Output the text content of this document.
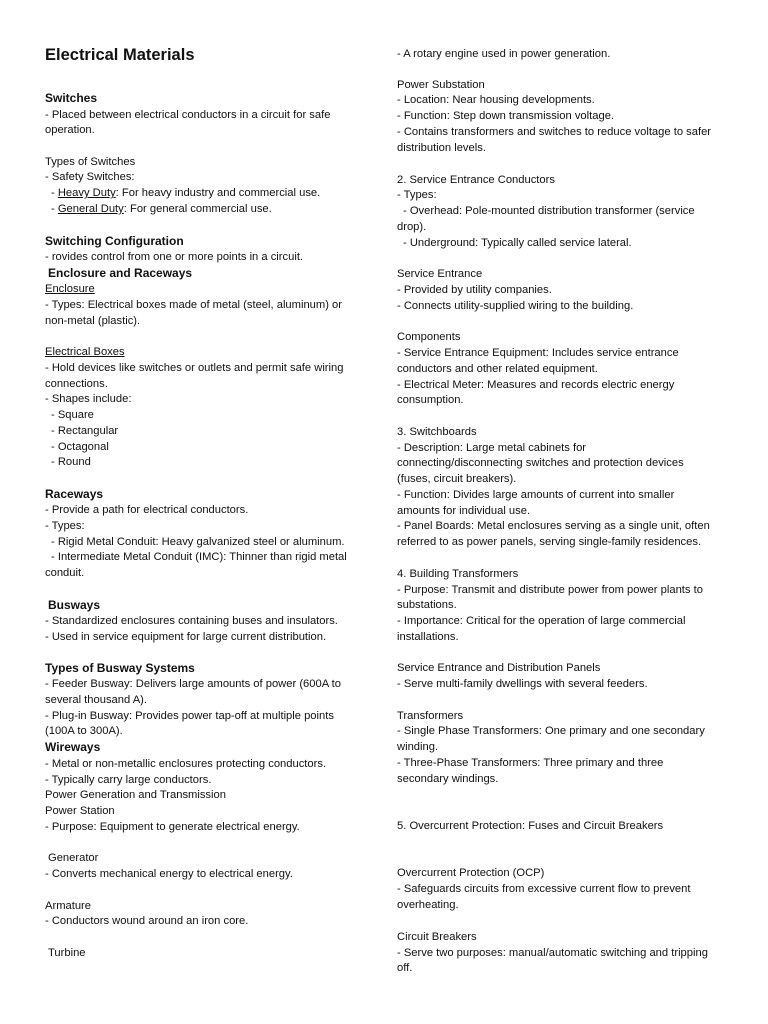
Electrical Materials
Switches
- Placed between electrical conductors in a circuit for safe
operation.
Types of Switches
- Safety Switches:
- Heavy Duty: For heavy industry and commercial use.
- General Duty: For general commercial use.
Switching Configuration
- rovides control from one or more points in a circuit.
Enclosure and Raceways
Enclosure
- Types: Electrical boxes made of metal (steel, aluminum) or
non-metal (plastic).
Electrical Boxes
- Hold devices like switches or outlets and permit safe wiring
connections.
- Shapes include:
- Square
- Rectangular
- Octagonal
- Round
Raceways
- Provide a path for electrical conductors.
- Types:
- Rigid Metal Conduit: Heavy galvanized steel or aluminum.
- Intermediate Metal Conduit (IMC): Thinner than rigid metal
conduit.
Busways
- Standardized enclosures containing buses and insulators.
- Used in service equipment for large current distribution.
Types of Busway Systems
- Feeder Busway: Delivers large amounts of power (600A to
several thousand A).
- Plug-in Busway: Provides power tap-off at multiple points
(100A to 300A).
Wireways
- Metal or non-metallic enclosures protecting conductors.
- Typically carry large conductors.
Power Generation and Transmission
Power Station
- Purpose: Equipment to generate electrical energy.
Generator
- Converts mechanical energy to electrical energy.
Armature
- Conductors wound around an iron core.
Turbine
- A rotary engine used in power generation.
Power Substation
- Location: Near housing developments.
- Function: Step down transmission voltage.
- Contains transformers and switches to reduce voltage to safer
distribution levels.
2. Service Entrance Conductors
- Types:
- Overhead: Pole-mounted distribution transformer (service
drop).
- Underground: Typically called service lateral.
Service Entrance
- Provided by utility companies.
- Connects utility-supplied wiring to the building.
Components
- Service Entrance Equipment: Includes service entrance
conductors and other related equipment.
- Electrical Meter: Measures and records electric energy
consumption.
3. Switchboards
- Description: Large metal cabinets for
connecting/disconnecting switches and protection devices
(fuses, circuit breakers).
- Function: Divides large amounts of current into smaller
amounts for individual use.
- Panel Boards: Metal enclosures serving as a single unit, often
referred to as power panels, serving single-family residences.
4. Building Transformers
- Purpose: Transmit and distribute power from power plants to
substations.
- Importance: Critical for the operation of large commercial
installations.
Service Entrance and Distribution Panels
- Serve multi-family dwellings with several feeders.
Transformers
- Single Phase Transformers: One primary and one secondary
winding.
- Three-Phase Transformers: Three primary and three
secondary windings.
5. Overcurrent Protection: Fuses and Circuit Breakers
Overcurrent Protection (OCP)
- Safeguards circuits from excessive current flow to prevent
overheating.
Circuit Breakers
- Serve two purposes: manual/automatic switching and tripping
off.
